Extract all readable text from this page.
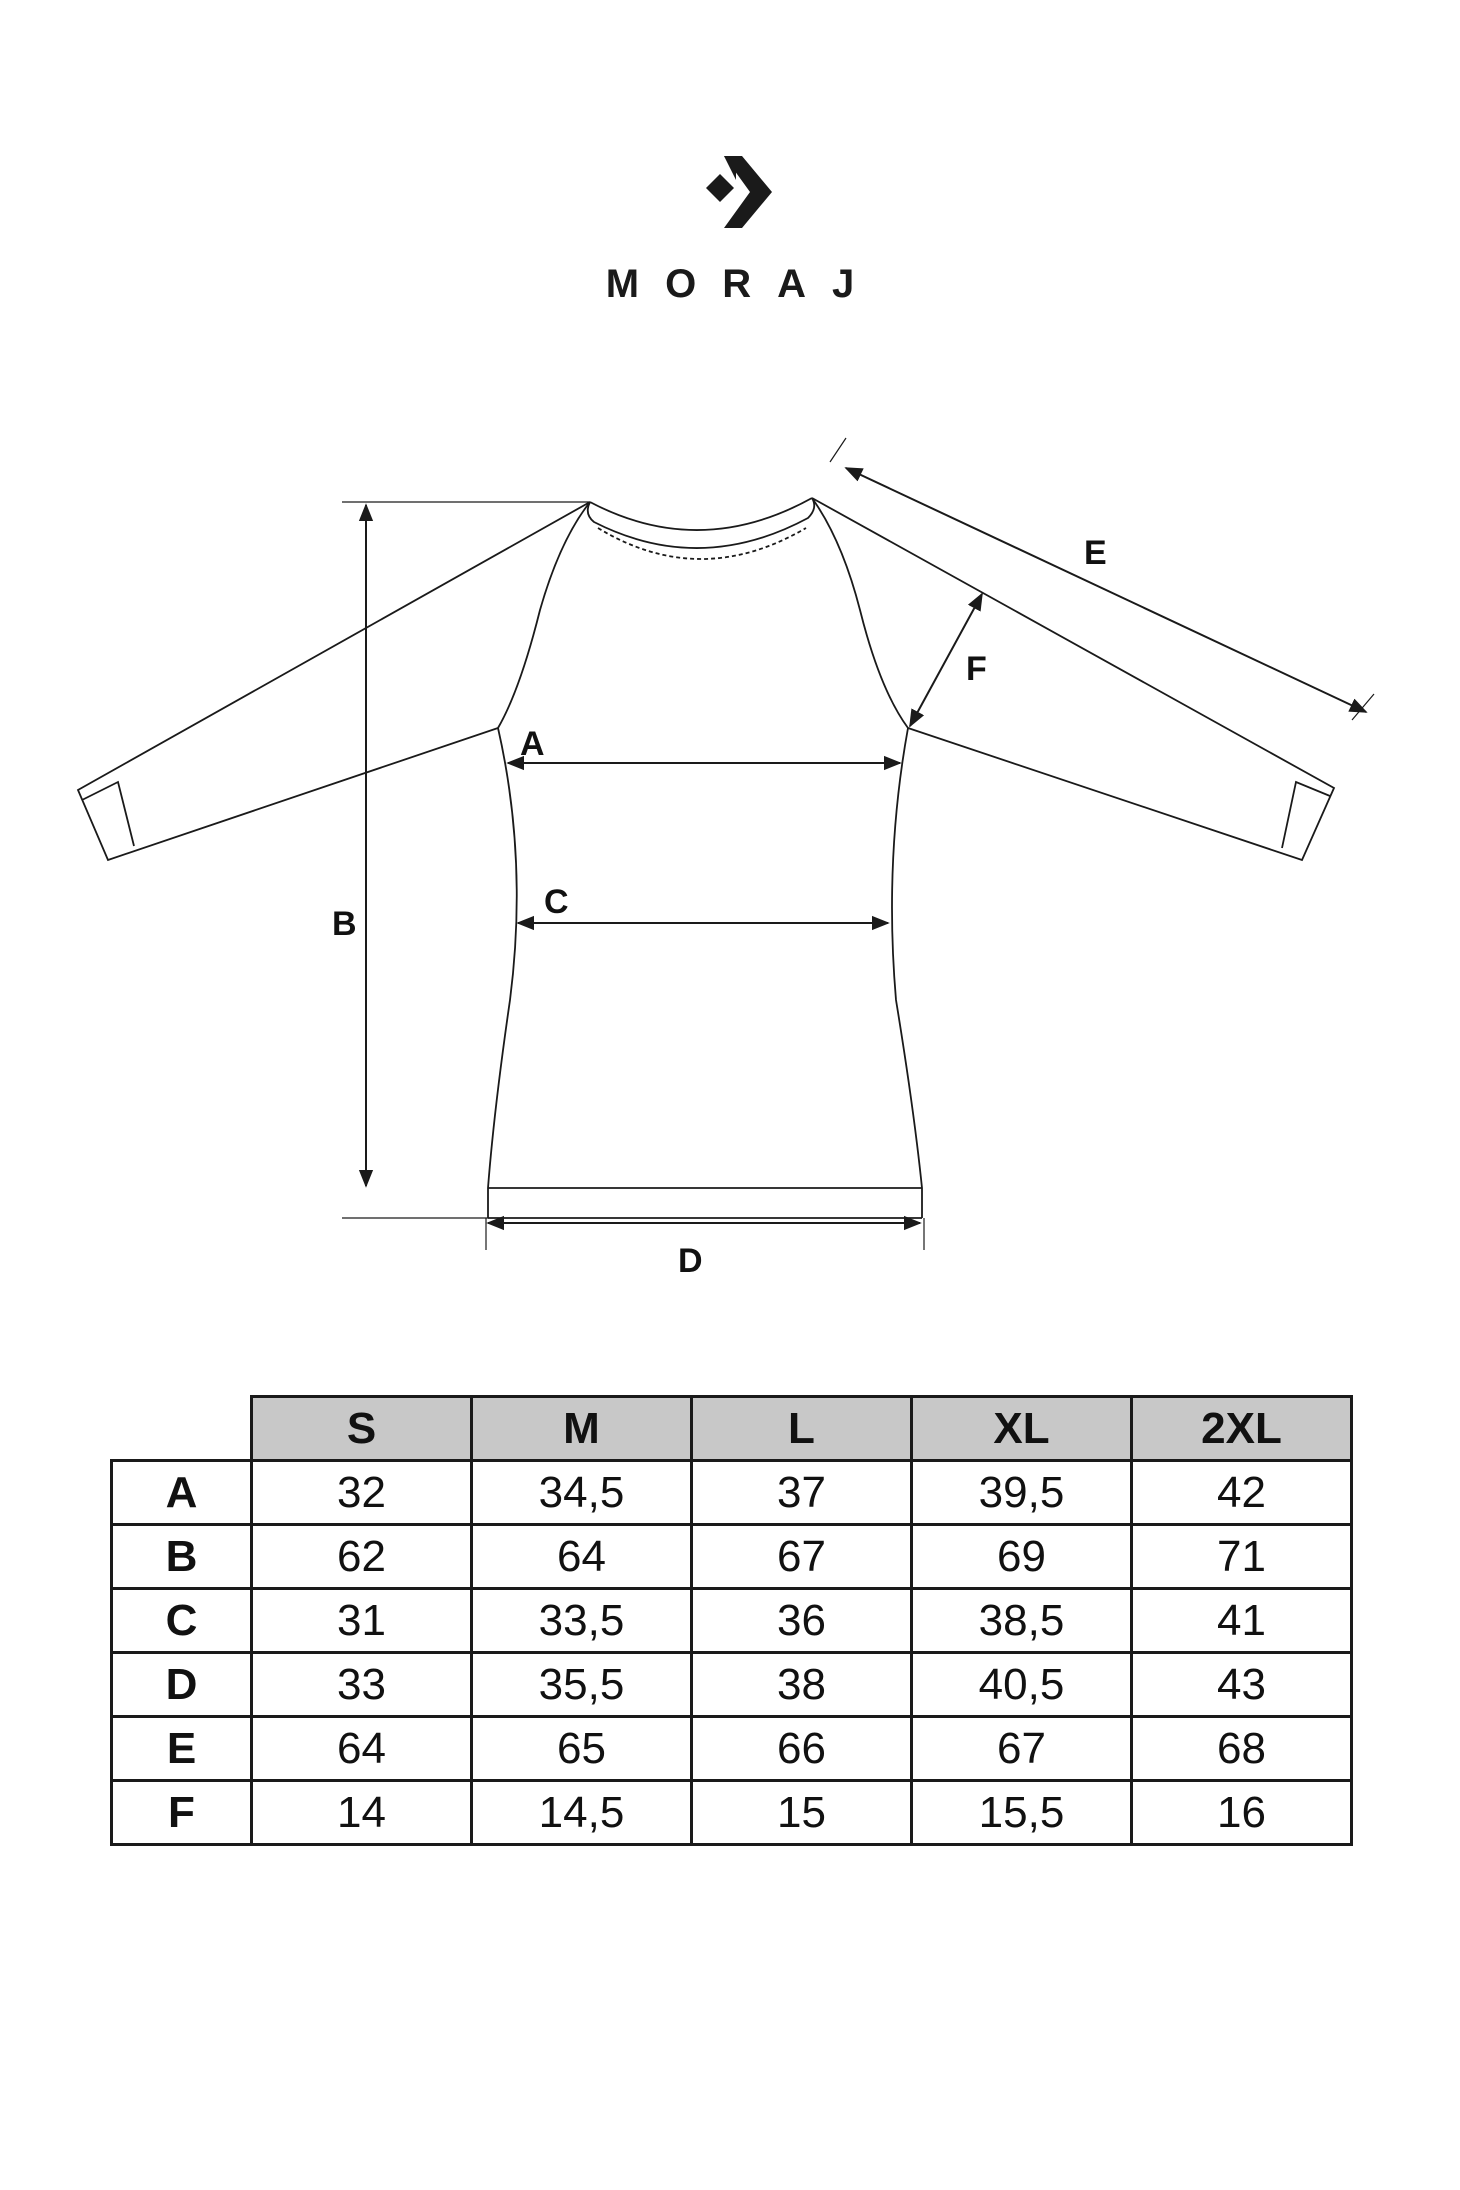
MORAJ
A
B
C
D
E
F
	S	M	L	XL	2XL
A	32	34,5	37	39,5	42
B	62	64	67	69	71
C	31	33,5	36	38,5	41
D	33	35,5	38	40,5	43
E	64	65	66	67	68
F	14	14,5	15	15,5	16
